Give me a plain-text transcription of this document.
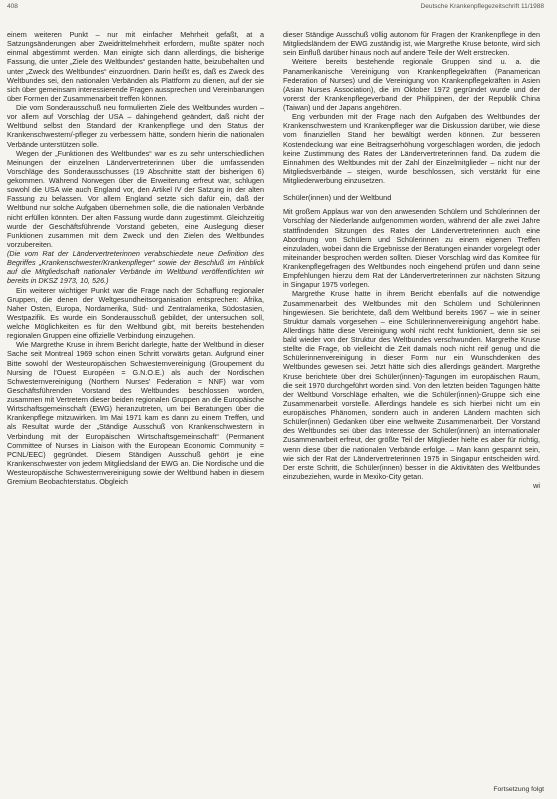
408	Deutsche Krankenpflegezeitschrift 11/1988

einem weiteren Punkt – nur mit einfacher Mehrheit gefaßt, at a Satzungsänderungen aber Zweidrittelmehrheit erfordern, mußte später noch einmal abgestimmt werden. Man einigte sich dann allerdings, die bisherige Fassung, die unter „Ziele des Weltbundes“ gestanden hatte, beizubehalten und unter „Zweck des Weltbundes“ einzuordnen. Darin heißt es, daß es Zweck des Weltbundes sei, den nationalen Verbänden als Plattform zu dienen, auf der sie sich über gemeinsam interessierende Fragen aussprechen und Vereinbarungen über Formen der Zusammenarbeit treffen können.

Die vom Sonderausschuß neu formulierten Ziele des Weltbundes wurden – vor allem auf Vorschlag der USA – dahingehend geändert, daß nicht der Weltbund selbst den Standard der Krankenpflege und den Status der Krankenschwestern/-pfleger zu verbessern hätte, sondern hierin die nationalen Verbände unterstützen solle.

Wegen der „Funktionen des Weltbundes“ war es zu sehr unterschiedlichen Meinungen der einzelnen Ländervertreterinnen über die umfassenden Vorschläge des Sonderausschusses (19 Abschnitte statt der bisherigen 6) gekommen. Während Norwegen über die Erweiterung erfreut war, schlugen sowohl die USA wie auch England vor, den Artikel IV der Satzung in der alten Fassung zu belassen. Vor allem England setzte sich dafür ein, daß der Weltbund nur solche Aufgaben übernehmen solle, die die nationalen Verbände nicht erfüllen könnten. Der alten Fassung wurde dann zugestimmt. Gleichzeitig wurde der Geschäftsführende Vorstand gebeten, eine Auslegung dieser Funktionen zusammen mit dem Zweck und den Zielen des Weltbundes vorzubereiten.

(Die vom Rat der Ländervertreterinnen verabschiedete neue Definition des Begriffes „Krankenschwester/Krankenpfleger“ sowie der Beschluß im Hinblick auf die Mitgliedschaft nationaler Verbände im Weltbund veröffentlichten wir bereits in DKSZ 1973, 10, 526.)

Ein weiterer wichtiger Punkt war die Frage nach der Schaffung regionaler Gruppen, die denen der Weltgesundheitsorganisation entsprechen: Afrika, Naher Osten, Europa, Nordamerika, Süd- und Zentralamerika, Südostasien, Westpazifik. Es wurde ein Sonderausschuß gebildet, der untersuchen soll, welche Möglichkeiten es für den Weltbund gibt, mit bereits bestehenden regionalen Gruppen eine offizielle Verbindung einzugehen.

Wie Margrethe Kruse in ihrem Bericht darlegte, hatte der Weltbund in dieser Sache seit Montreal 1969 schon einen Schritt vorwärts getan. Aufgrund einer Bitte sowohl der Westeuropäischen Schwesternvereinigung (Groupement du Nursing de l'Ouest Européen = G.N.O.E.) als auch der Nordischen Schwesternvereinigung (Northern Nurses' Federation = NNF) war vom Geschäftsführenden Vorstand des Weltbundes beschlossen worden, zusammen mit Vertretern dieser beiden regionalen Gruppen an die Europäische Wirtschaftsgemeinschaft (EWG) heranzutreten, um bei Beratungen über die Krankenpflege mitzuwirken. Im Mai 1971 kam es dann zu einem Treffen, und als Resultat wurde der „Ständige Ausschuß von Krankenschwestern in Verbindung mit der Europäischen Wirtschaftsgemeinschaft“ (Permanent Committee of Nurses in Liaison with the European Economic Community = PCNL/EEC) gegründet. Diesem Ständigen Ausschuß gehört je eine Krankenschwester von jedem Mitgliedsland der EWG an. Die Nordische und die Westeuropäische Schwesternvereinigung sowie der Weltbund haben in diesem Gremium Beobachterstatus. Obgleich

dieser Ständige Ausschuß völlig autonom für Fragen der Krankenpflege in den Mitgliedsländern der EWG zuständig ist, wie Margrethe Kruse betonte, wird sich sein Einfluß darüber hinaus noch auf andere Teile der Welt erstrecken.

Weitere bereits bestehende regionale Gruppen sind u. a. die Panamerikanische Vereinigung von Krankenpflegekräften (Panamerican Federation of Nurses) und die Vereinigung von Krankenpflegekräften in Asien (Asian Nurses Association), die im Oktober 1972 gegründet wurde und der vorerst der Krankenpflegeverband der Philippinen, der der Republik China (Taiwan) und der Japans angehören.

Eng verbunden mit der Frage nach den Aufgaben des Weltbundes der Krankenschwestern und Krankenpfleger war die Diskussion darüber, wie diese vom finanziellen Stand her bewältigt werden können. Zur besseren Kostendeckung war eine Beitragserhöhung vorgeschlagen worden, die jedoch keine Zustimmung des Rates der Ländervertreterinnen fand. Da zudem die Einnahmen des Weltbundes mit der Zahl der Einzelmitglieder – nicht nur der Mitgliedsverbände – steigen, wurde beschlossen, sich verstärkt für eine Mitgliederwerbung einzusetzen.

Schüler(innen) und der Weltbund

Mit großem Applaus war von den anwesenden Schülern und Schülerinnen der Vorschlag der Niederlande aufgenommen worden, während der alle zwei Jahre stattfindenden Sitzungen des Rates der Ländervertreterinnen auch eine Abordnung von Schülern und Schülerinnen zu einem eigenen Treffen einzuladen, wobei dann die Ergebnisse der Beratungen einander vorgelegt oder miteinander besprochen werden sollten. Dieser Vorschlag wird das Komitee für Krankenpflegefragen des Weltbundes noch eingehend prüfen und dann seine Empfehlungen hierzu dem Rat der Ländervertreterinnen zur nächsten Sitzung in Singapur 1975 vorlegen.

Margrethe Kruse hatte in ihrem Bericht ebenfalls auf die notwendige Zusammenarbeit des Weltbundes mit den Schülern und Schülerinnen hingewiesen. Sie berichtete, daß dem Weltbund bereits 1967 – wie in seiner Struktur damals vorgesehen – eine Schülerinnenvereinigung angehört habe. Allerdings hätte diese Vereinigung wohl nicht recht funktioniert, denn sie sei bald wieder von der Struktur des Weltbundes verschwunden. Margrethe Kruse stellte die Frage, ob vielleicht die Zeit damals noch nicht reif genug und die Schülerinnenvereinigung in dieser Form nur ein Wunschdenken des Weltbundes gewesen sei. Jetzt hätte sich dies allerdings geändert. Margrethe Kruse berichtete über drei Schüler(innen)-Tagungen im europäischen Raum, die seit 1970 durchgeführt worden sind. Von den letzten beiden Tagungen hätte der Weltbund Vorschläge erhalten, wie die Schüler(innen)-Gruppe sich eine Zusammenarbeit vorstelle. Allerdings handele es sich hierbei nicht um ein europäisches Phänomen, sondern auch in anderen Ländern machten sich Schüler(innen) Gedanken über eine weltweite Zusammenarbeit. Der Vorstand des Weltbundes sei über das Interesse der Schüler(innen) an internationaler Zusammenarbeit erfreut, der größte Teil der Mitglieder hielte es aber für richtig, wenn diese über die nationalen Verbände erfolge. – Man kann gespannt sein, wie sich der Rat der Ländervertreterinnen 1975 in Singapur entscheiden wird. Der erste Schritt, die Schüler(innen) besser in die Aktivitäten des Weltbundes einzubeziehen, wurde in Mexiko-City getan.

wi

Fortsetzung folgt
